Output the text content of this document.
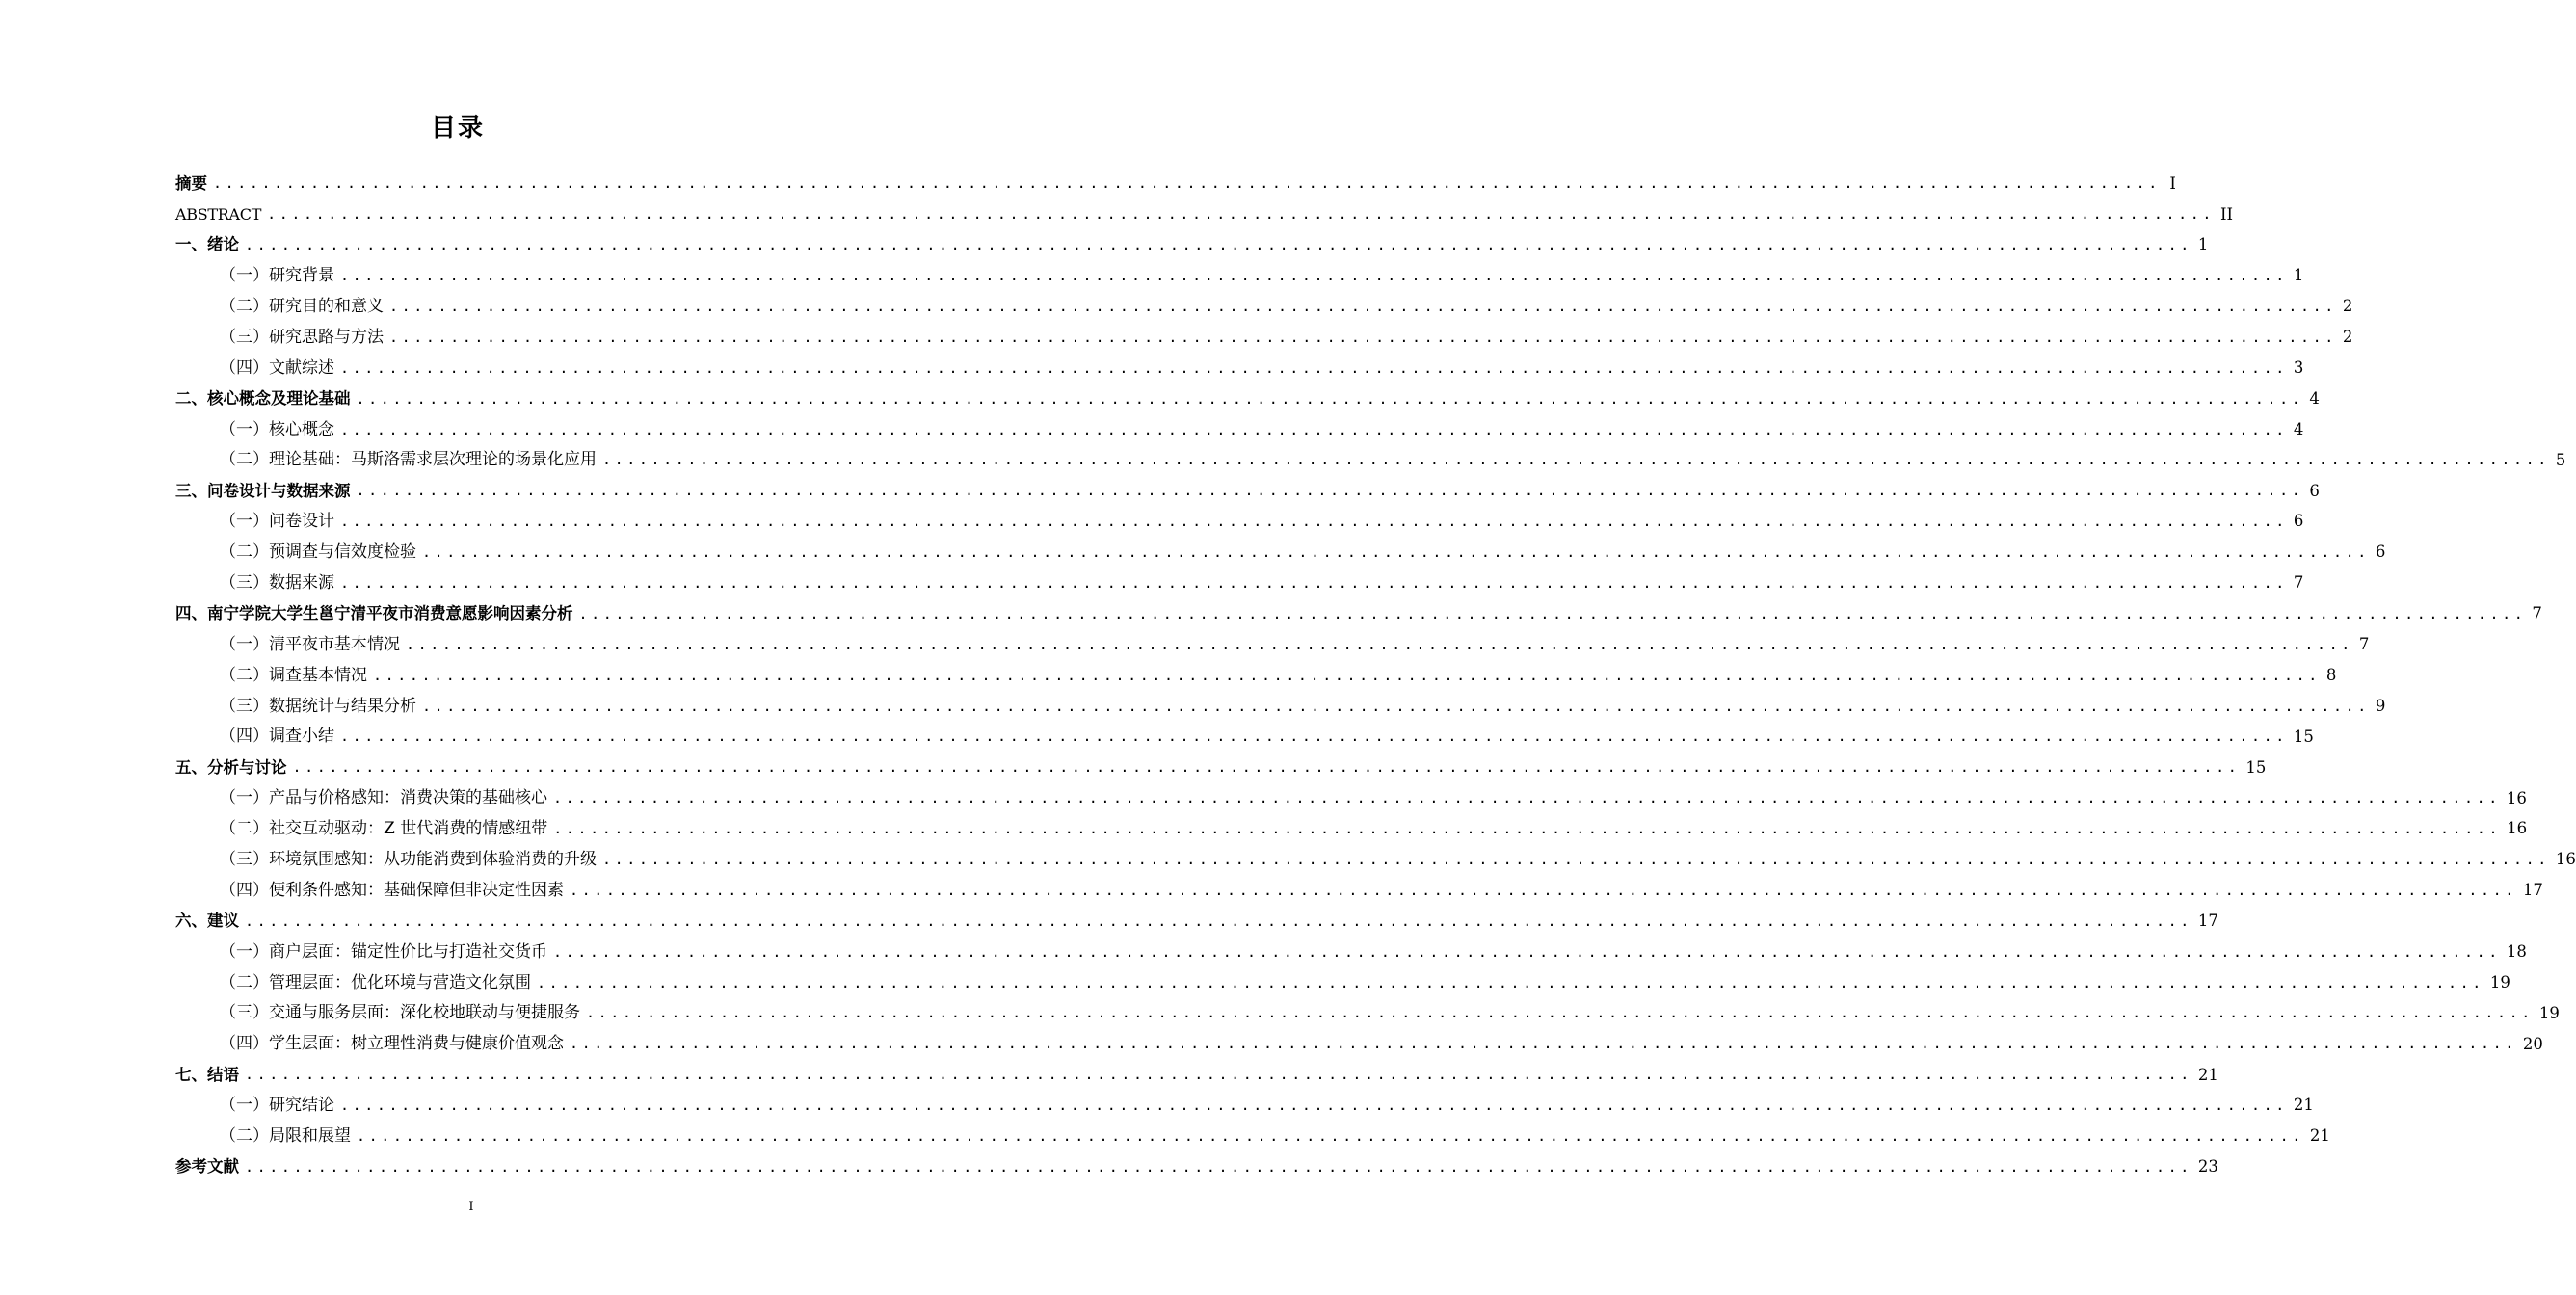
目录
摘要 ................................................................................................................................................................ I
ABSTRACT ................................................................................................................................................................ II
一、绪论 ................................................................................................................................................................ 1
（一）研究背景 ................................................................................................................................................................ 1
（二）研究目的和意义 ................................................................................................................................................................ 2
（三）研究思路与方法 ................................................................................................................................................................ 2
（四）文献综述 ................................................................................................................................................................ 3
二、核心概念及理论基础 ................................................................................................................................................................ 4
（一）核心概念 ................................................................................................................................................................ 4
（二）理论基础：马斯洛需求层次理论的场景化应用 ................................................................................................................................................................ 5
三、问卷设计与数据来源 ................................................................................................................................................................ 6
（一）问卷设计 ................................................................................................................................................................ 6
（二）预调查与信效度检验 ................................................................................................................................................................ 6
（三）数据来源 ................................................................................................................................................................ 7
四、南宁学院大学生邕宁清平夜市消费意愿影响因素分析 ................................................................................................................................................................ 7
（一）清平夜市基本情况 ................................................................................................................................................................ 7
（二）调查基本情况 ................................................................................................................................................................ 8
（三）数据统计与结果分析 ................................................................................................................................................................ 9
（四）调查小结 ................................................................................................................................................................ 15
五、分析与讨论 ................................................................................................................................................................ 15
（一）产品与价格感知：消费决策的基础核心 ................................................................................................................................................................ 16
（二）社交互动驱动：Z 世代消费的情感纽带 ................................................................................................................................................................ 16
（三）环境氛围感知：从功能消费到体验消费的升级 ................................................................................................................................................................ 16
（四）便利条件感知：基础保障但非决定性因素 ................................................................................................................................................................ 17
六、建议 ................................................................................................................................................................ 17
（一）商户层面：锚定性价比与打造社交货币 ................................................................................................................................................................ 18
（二）管理层面：优化环境与营造文化氛围 ................................................................................................................................................................ 19
（三）交通与服务层面：深化校地联动与便捷服务 ................................................................................................................................................................ 19
（四）学生层面：树立理性消费与健康价值观念 ................................................................................................................................................................ 20
七、结语 ................................................................................................................................................................ 21
（一）研究结论 ................................................................................................................................................................ 21
（二）局限和展望 ................................................................................................................................................................ 21
参考文献 ................................................................................................................................................................ 23
I
